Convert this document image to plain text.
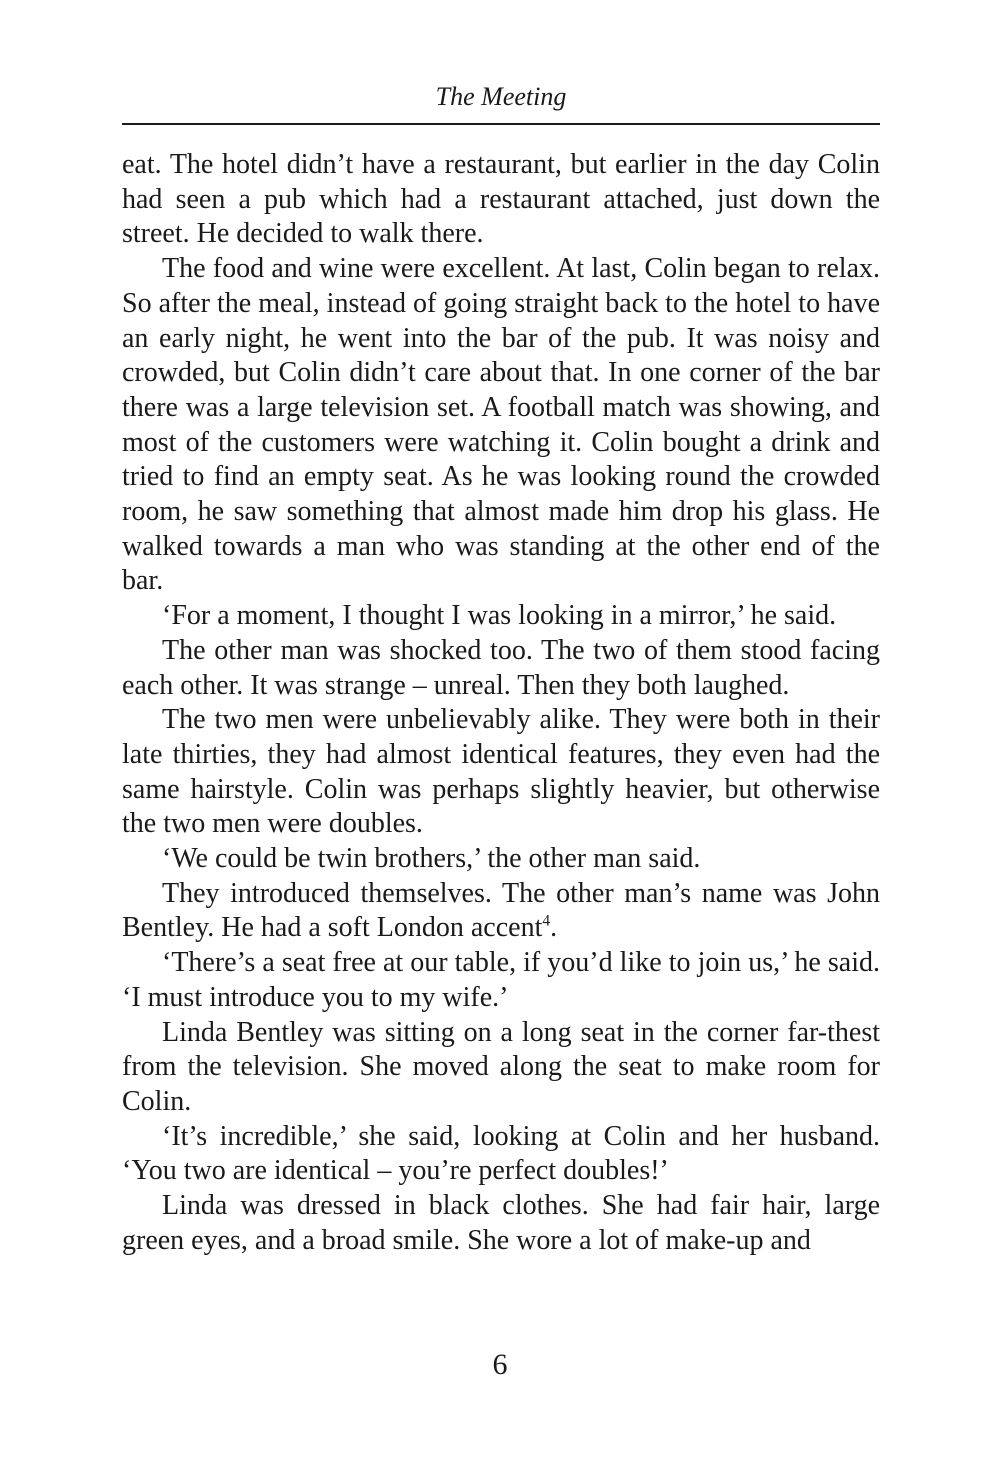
The Meeting

eat. The hotel didn’t have a restaurant, but earlier in the day Colin had seen a pub which had a restaurant attached, just down the street. He decided to walk there.

The food and wine were excellent. At last, Colin began to relax. So after the meal, instead of going straight back to the hotel to have an early night, he went into the bar of the pub. It was noisy and crowded, but Colin didn’t care about that. In one corner of the bar there was a large television set. A football match was showing, and most of the customers were watching it. Colin bought a drink and tried to find an empty seat. As he was looking round the crowded room, he saw something that almost made him drop his glass. He walked towards a man who was standing at the other end of the bar.

‘For a moment, I thought I was looking in a mirror,’ he said.

The other man was shocked too. The two of them stood facing each other. It was strange – unreal. Then they both laughed.

The two men were unbelievably alike. They were both in their late thirties, they had almost identical features, they even had the same hairstyle. Colin was perhaps slightly heavier, but otherwise the two men were doubles.

‘We could be twin brothers,’ the other man said.

They introduced themselves. The other man’s name was John Bentley. He had a soft London accent$^4$.

‘There’s a seat free at our table, if you’d like to join us,’ he said. ‘I must introduce you to my wife.’

Linda Bentley was sitting on a long seat in the corner far-thest from the television. She moved along the seat to make room for Colin.

‘It’s incredible,’ she said, looking at Colin and her husband. ‘You two are identical – you’re perfect doubles!’

Linda was dressed in black clothes. She had fair hair, large green eyes, and a broad smile. She wore a lot of make-up and

6
